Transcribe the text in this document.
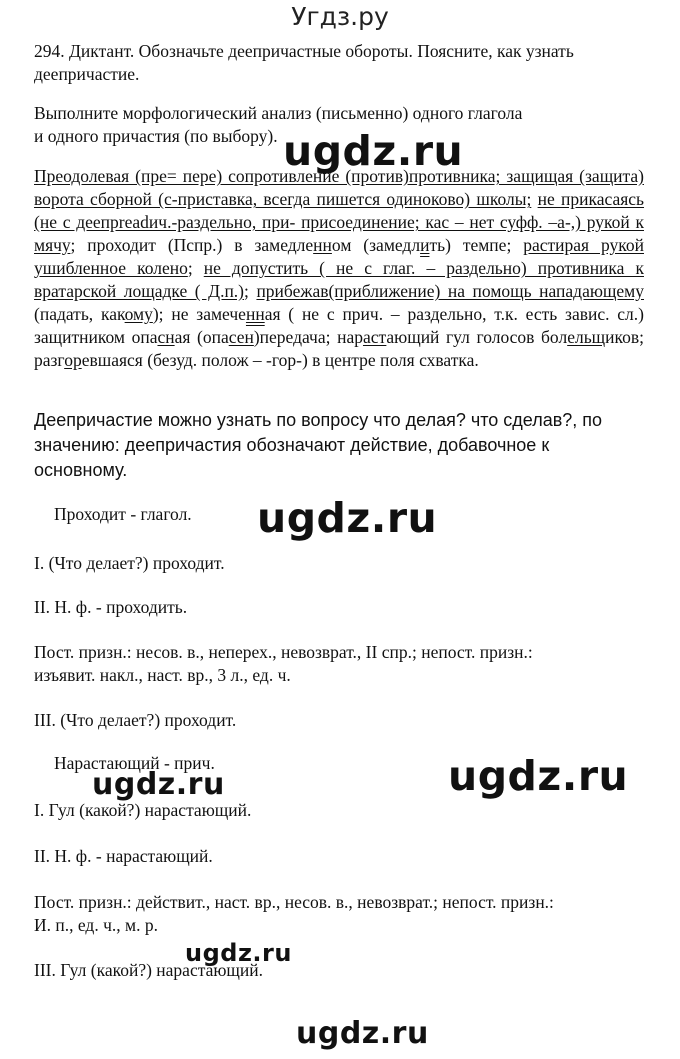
Угдз.ру
294. Диктант. Обозначьте деепричастные обороты. Поясните, как узнать
деепричастие.
Выполните морфологический анализ (письменно) одного глагола
и одного причастия (по выбору).
Преодолевая (пре= пере) сопротивление (против)противника; защищая (защита) ворота сборной (с-приставка, всегда пишется одиноково) школы; не прикасаясь (не с деепрreadич.-раздельно, при- присоединение; кас – нет суфф. –а-,) рукой к мячу; проходит (Пспр.) в замедленном (замедлить) темпе; растирая рукой ушибленное колено; не допустить ( не с глаг. – раздельно) противника к вратарской лощадке ( Д.п.); прибежав(приближение) на помощь нападающему (падать, какому); не замеченная ( не с прич. – раздельно, т.к. есть завис. сл.) защитником опасная (опасен)передача; нарастающий гул голосов болельщиков; разгоревшаяся (безуд. полож – -гор-) в центре поля схватка.
Деепричастие можно узнать по вопросу что делая? что сделав?, по
значению: деепричастия обозначают действие, добавочное к
основному.
Проходит - глагол.
I. (Что делает?) проходит.
II. Н. ф. - проходить.
Пост. призн.: несов. в., неперех., невозврат., II спр.; непост. призн.:
изъявит. накл., наст. вр., 3 л., ед. ч.
III. (Что делает?) проходит.
Нарастающий - прич.
I. Гул (какой?) нарастающий.
II. Н. ф. - нарастающий.
Пост. призн.: действит., наст. вр., несов. в., невозврат.; непост. призн.:
И. п., ед. ч., м. р.
III. Гул (какой?) нарастающий.
ugdz.ru
ugdz.ru
ugdz.ru
ugdz.ru
ugdz.ru
ugdz.ru
